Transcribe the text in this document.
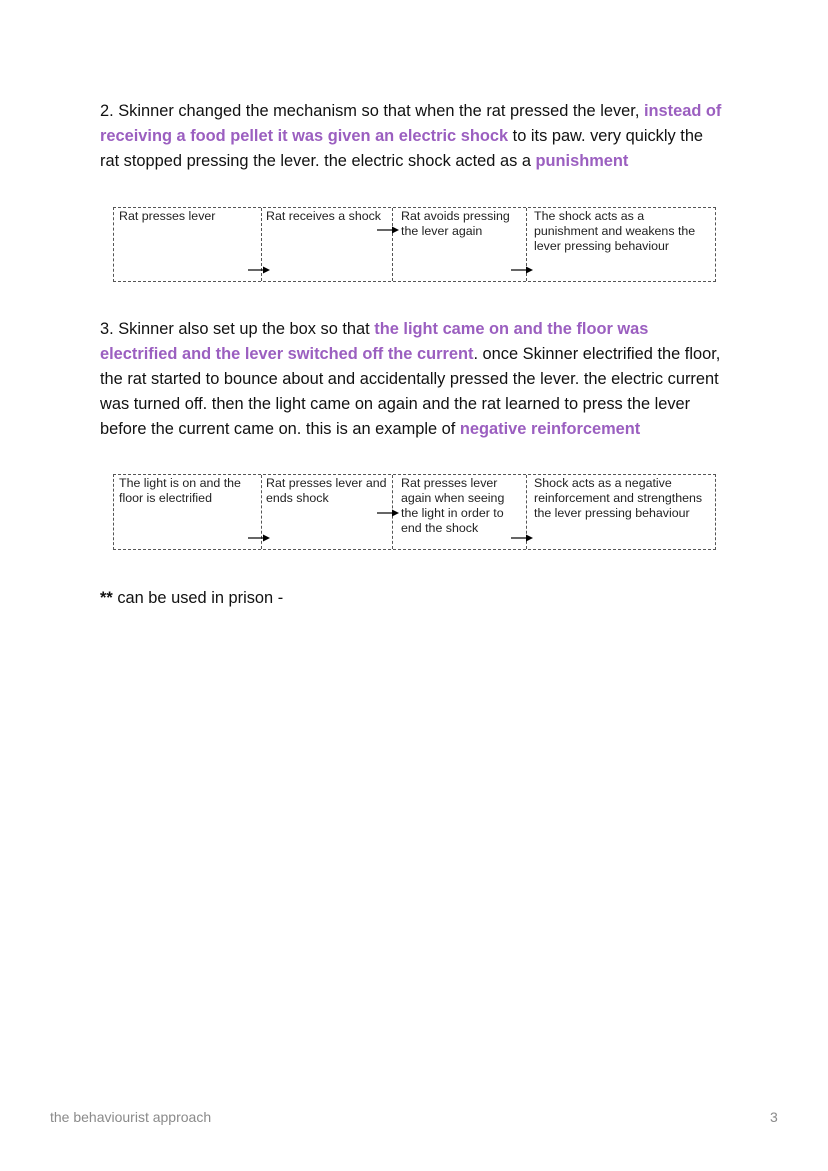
2. Skinner changed the mechanism so that when the rat pressed the lever, instead of receiving a food pellet it was given an electric shock to its paw. very quickly the rat stopped pressing the lever. the electric shock acted as a punishment

Rat presses lever	Rat receives a shock	Rat avoids pressing the lever again
The shock acts as a punishment and weakens the lever pressing behaviour

3. Skinner also set up the box so that the light came on and the floor was electrified and the lever switched off the current. once Skinner electrified the floor, the rat started to bounce about and accidentally pressed the lever. the electric current was turned off. then the light came on again and the rat learned to press the lever before the current came on. this is an example of negative reinforcement

The light is on and the floor is electrified
Rat presses lever and ends shock
Rat presses lever again when seeing the light in order to end the shock
Shock acts as a negative reinforcement and strengthens the lever pressing behaviour

** can be used in prison -

the behaviourist approach	3
